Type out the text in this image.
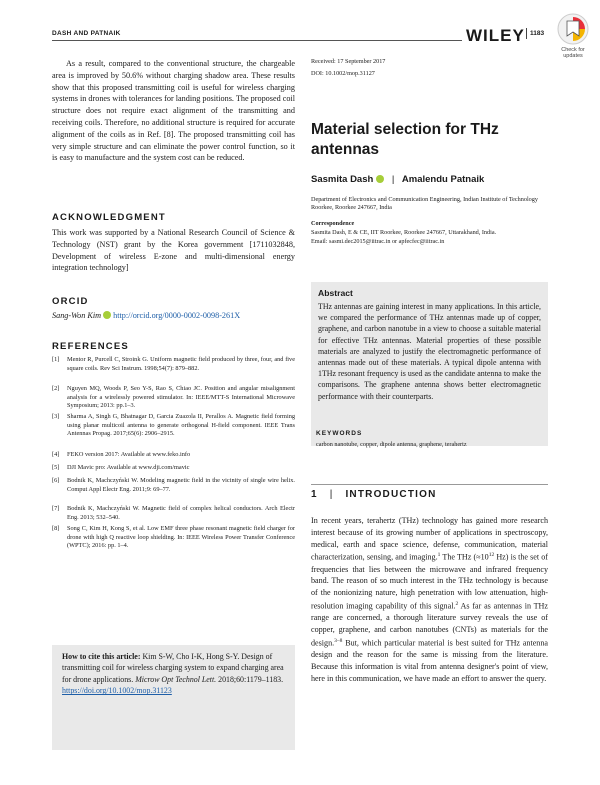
DASH AND PATNAIK	WILEY 1183
Check for
updates

As a result, compared to the conventional structure, the chargeable area is improved by 50.6% without charging shadow area. These results show that this proposed transmitting coil is useful for wireless charging systems in drones with tolerances for landing positions. The proposed coil structure does not require exact alignment of the transmitting and receiving coils. Therefore, no additional structure is required for accurate alignment of the coils as in Ref. [8]. The proposed transmitting coil has very simple structure and can eliminate the power control function, so it is easy to manufacture and the system cost can be reduced.

ACKNOWLEDGMENT

This work was supported by a National Research Council of Science & Technology (NST) grant by the Korea government [1711032848, Development of wireless E-zone and multi-dimensional energy integration technology]

ORCID
Sang-Won Kim http://orcid.org/0000-0002-0098-261X
REFERENCES
[1] Mentor R, Purcell C, Stroink G. Uniform magnetic field produced by three, four, and five square coils. Rev Sci Instrum. 1998;54(7): 879–882.
[2] Nguyen MQ, Woods P, Seo Y-S, Rao S, Chiao JC. Position and angular misalignment analysis for a wirelessly powered stimulator. In: IEEE/MTT-S International Microwave Symposium; 2013: pp.1–3.
[3] Sharma A, Singh G, Bhatnagar D, Garcia Zuazola II, Perallos A. Magnetic field forming using planar multicoil antenna to generate orthogonal H-field component. IEEE Trans Antennas Propag. 2017;65(6): 2906–2915.
[4] FEKO version 2017: Available at www.feko.info
[5] DJI Mavic pro: Available at www.dji.com/mavic
[6] Bodnik K, Machczyński W. Modeling magnetic field in the vicinity of single wire helix. Comput Appl Electr Eng. 2011;9: 69–77.
[7] Bodnik K, Machczyński W. Magnetic field of complex helical conductors. Arch Electr Eng. 2013; 532–540.
[8] Song C, Kim H, Kong S, et al. Low EMF three phase resonant magnetic field charger for drone with high Q reactive loop shielding. In: IEEE Wireless Power Transfer Conference (WPTC); 2016: pp. 1–4.
How to cite this article: Kim S-W, Cho I-K, Hong S-Y. Design of transmitting coil for wireless charging system to expand charging area for drone applications. Microw Opt Technol Lett. 2018;60:1179–1183. https://doi.org/10.1002/mop.31123
Received: 17 September 2017
DOI: 10.1002/mop.31127
Material selection for THz antennas
Sasmita Dash | Amalendu Patnaik
Department of Electronics and Communication Engineering, Indian Institute of Technology Roorkee, Roorkee 247667, India
Correspondence
Sasmita Dash, E & CE, IIT Roorkee, Roorkee 247667, Uttarakhand, India.
Email: sasmi.dec2015@iitrac.in or apfecfec@iitrac.in
Abstract

THz antennas are gaining interest in many applications. In this article, we compared the performance of THz antennas made up of copper, graphene, and carbon nanotube in a view to choose a suitable material for effective THz antennas. Material properties of these possible materials are analyzed to justify the electromagnetic performance of antennas made out of these materials. A typical dipole antenna with 1THz resonant frequency is used as the candidate antenna to make the comparisons. The graphene antenna shows better electromagnetic performance with their counterparts.

KEYWORDS
carbon nanotube, copper, dipole antenna, graphene, terahertz
1 | INTRODUCTION

In recent years, terahertz (THz) technology has gained more research interest because of its growing number of applications in spectroscopy, medical, earth and space science, defense, communication, material characterization, sensing, and imaging.$^1$ The THz ($\approx 10^{12}$ Hz) is the set of frequencies that lies between the microwave and infrared frequency band. The reason of so much interest in the THz technology is because of the nonionizing nature, high penetration with low attenuation, high-resolution imaging capability of this signal.$^2$ As far as antennas in THz range are concerned, a thorough literature survey reveals the use of copper, graphene, and carbon nanotubes (CNTs) as materials for the design.$^{3-8}$ But, which particular material is best suited for THz antenna design and the reason for the same is missing from the literature. Because this information is vital from antenna designer's point of view, here in this communication, we have made an effort to answer the query.
